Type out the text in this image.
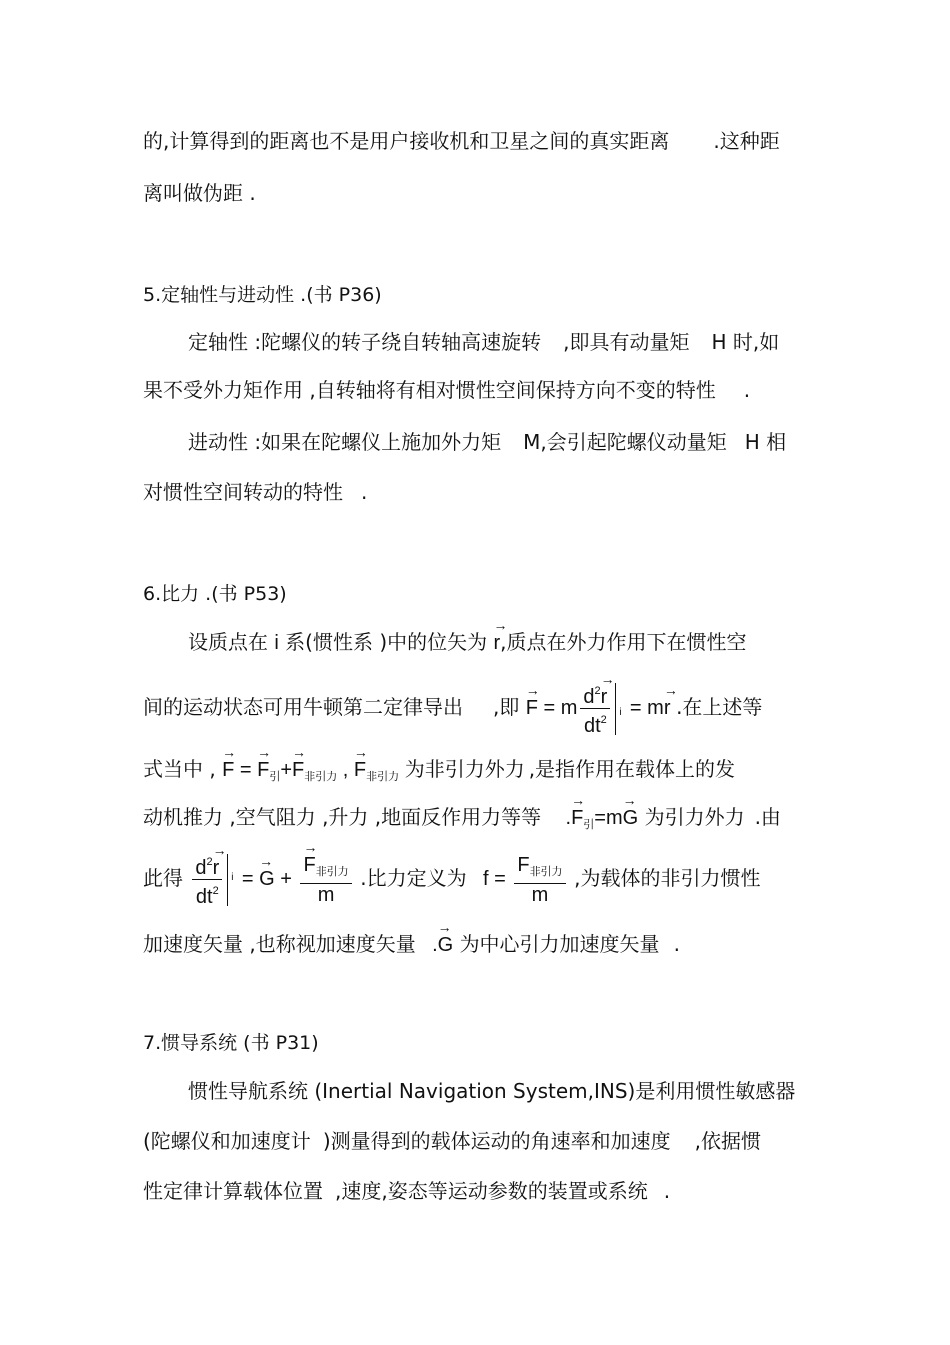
的,计算得到的距离也不是用户接收机和卫星之间的真实距离 .这种距
离叫做伪距 .
5.定轴性与进动性 .(书 P36)
定轴性 :陀螺仪的转子绕自转轴高速旋转 ,即具有动量矩 H 时,如
果不受外力矩作用 ,自转轴将有相对惯性空间保持方向不变的特性 .
进动性 :如果在陀螺仪上施加外力矩 M,会引起陀螺仪动量矩 H 相
对惯性空间转动的特性 .
6.比力 .(书 P53)
设质点在 i 系(惯性系 )中的位矢为 → r,质点在外力作用下在惯性空
间的运动状态可用牛顿第二定律导出 ,即 → F = m $\frac{d^2\to r}{dt^2}$ i = m→ r .在上述等
式当中 , → F = → $F_引+\to F_{非引力}$ , → $F_{非引力}$ 为非引力外力 ,是指作用在载体上的发
动机推力 ,空气阻力 ,升力 ,地面反作用力等等 .→ $F_引=m\to G$ 为引力外力 .由
此得 $\frac{d^2\to r}{dt^2}$ i = → G + → $\frac{F_{非引力}}{m}$ .比力定义为 $f = \frac{F_{非引力}}{m}$ ,为载体的非引力惯性
加速度矢量 ,也称视加速度矢量 .→ G 为中心引力加速度矢量 .
7.惯导系统 (书 P31)
惯性导航系统 (Inertial Navigation System,INS)是利用惯性敏感器
(陀螺仪和加速度计 )测量得到的载体运动的角速率和加速度 ,依据惯
性定律计算载体位置 ,速度,姿态等运动参数的装置或系统 .
